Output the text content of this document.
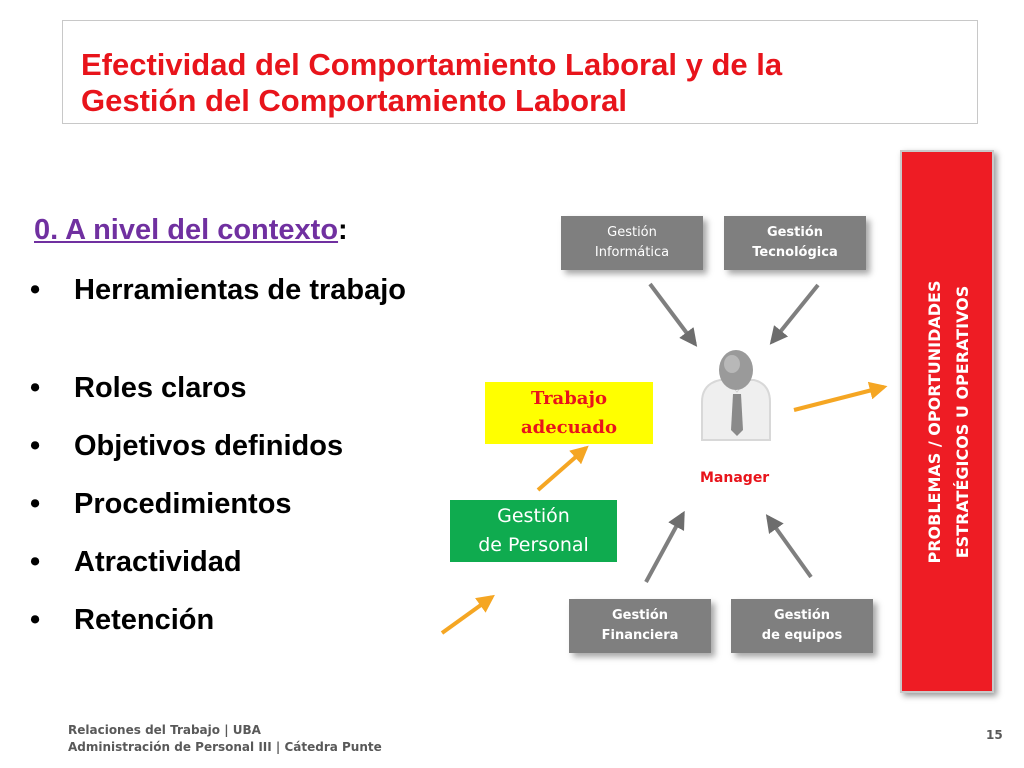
Efectividad del Comportamiento Laboral y de la
Gestión del Comportamiento Laboral
0. A nivel del contexto:
• Herramientas de trabajo
• Roles claros
• Objetivos definidos
• Procedimientos
• Atractividad
• Retención
Gestión
Informática
Gestión
Tecnológica
Gestión
Financiera
Gestión
de equipos
Gestión
de Personal
Trabajo
adecuado
Manager	PROBLEMAS / OPORTUNIDADES ESTRATÉGICOS U OPERATIVOS
Relaciones del Trabajo | UBA
Administración de Personal III | Cátedra Punte
15
